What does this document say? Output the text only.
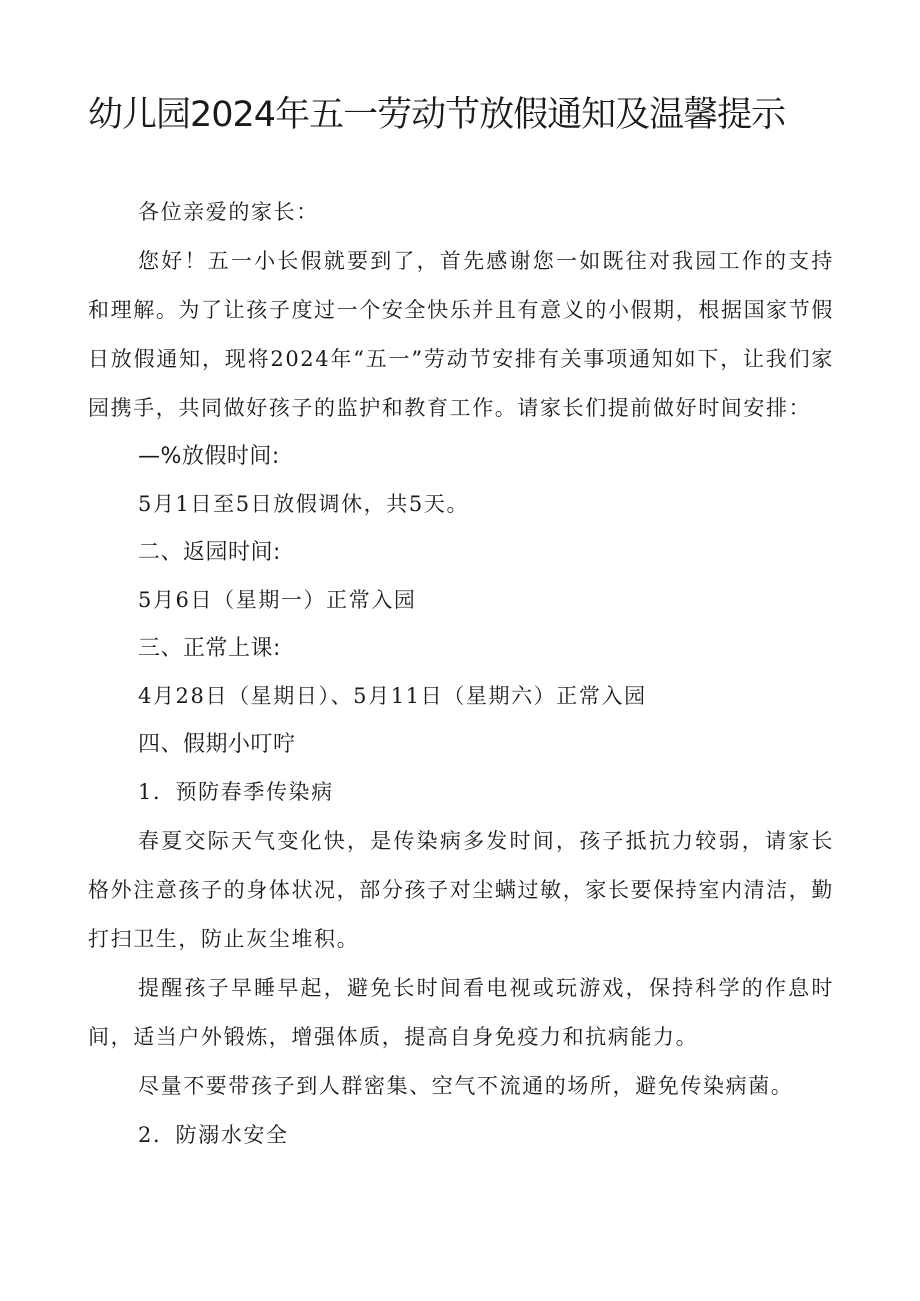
幼儿园2024年五一劳动节放假通知及温馨提示

各位亲爱的家长：

您好！五一小长假就要到了，首先感谢您一如既往对我园工作的支持和理解。为了让孩子度过一个安全快乐并且有意义的小假期，根据国家节假日放假通知，现将2024年“五一”劳动节安排有关事项通知如下，让我们家园携手，共同做好孩子的监护和教育工作。请家长们提前做好时间安排：

—%放假时间:

5月1日至5日放假调休，共5天。

二、返园时间:

5月6日（星期一）正常入园

三、正常上课:

4月28日（星期日）、5月11日（星期六）正常入园

四、假期小叮咛

1．预防春季传染病

春夏交际天气变化快，是传染病多发时间，孩子抵抗力较弱，请家长格外注意孩子的身体状况，部分孩子对尘螨过敏，家长要保持室内清洁，勤打扫卫生，防止灰尘堆积。

提醒孩子早睡早起，避免长时间看电视或玩游戏，保持科学的作息时间，适当户外锻炼，增强体质，提高自身免疫力和抗病能力。

尽量不要带孩子到人群密集、空气不流通的场所，避免传染病菌。

2．防溺水安全
